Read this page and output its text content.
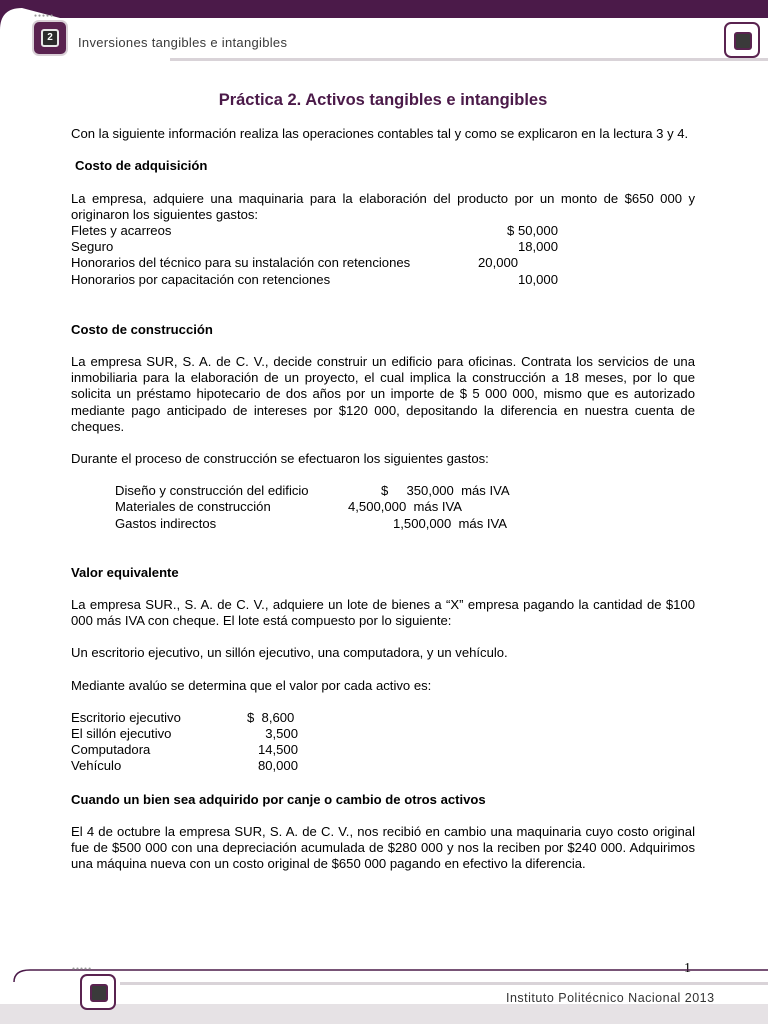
●●●●●
2	Inversiones tangibles e intangibles
Práctica 2. Activos tangibles e intangibles

Con la siguiente información realiza las operaciones contables tal y como se explicaron en la lectura 3 y 4.

Costo de adquisición

La empresa, adquiere una maquinaria para la elaboración del producto por un monto de $650 000 y originaron los siguientes gastos:

Fletes y acarreos	$ 50,000
Seguro	18,000
Honorarios del técnico para su instalación con retenciones	20,000
Honorarios por capacitación con retenciones	10,000

Costo de construcción

La empresa SUR, S. A. de C. V., decide construir un edificio para oficinas. Contrata los servicios de una inmobiliaria para la elaboración de un proyecto, el cual implica la construcción a 18 meses, por lo que solicita un préstamo hipotecario de dos años por un importe de $ 5 000 000, mismo que es autorizado mediante pago anticipado de intereses por $120 000, depositando la diferencia en nuestra cuenta de cheques.

Durante el proceso de construcción se efectuaron los siguientes gastos:

Diseño y construcción del edificio	$     350,000  más IVA
Materiales de construcción	4,500,000  más IVA
Gastos indirectos	1,500,000  más IVA

Valor equivalente

La empresa SUR., S. A. de C. V., adquiere un lote de bienes a “X” empresa pagando la cantidad de $100 000 más IVA con cheque. El lote está compuesto por lo siguiente:

Un escritorio ejecutivo, un sillón ejecutivo, una computadora, y un vehículo.

Mediante avalúo se determina que el valor por cada activo es:

Escritorio ejecutivo	$  8,600
El sillón ejecutivo	3,500
Computadora	14,500
Vehículo	80,000

Cuando un bien sea adquirido por canje o cambio de otros activos

El 4 de octubre la empresa SUR, S. A. de C. V., nos recibió en cambio una maquinaria cuyo costo original fue de $500 000 con una depreciación acumulada de $280 000 y nos la reciben por $240 000. Adquirimos una máquina nueva con un costo original de $650 000 pagando en efectivo la diferencia.

1
●●●●●
Instituto Politécnico Nacional 2013
